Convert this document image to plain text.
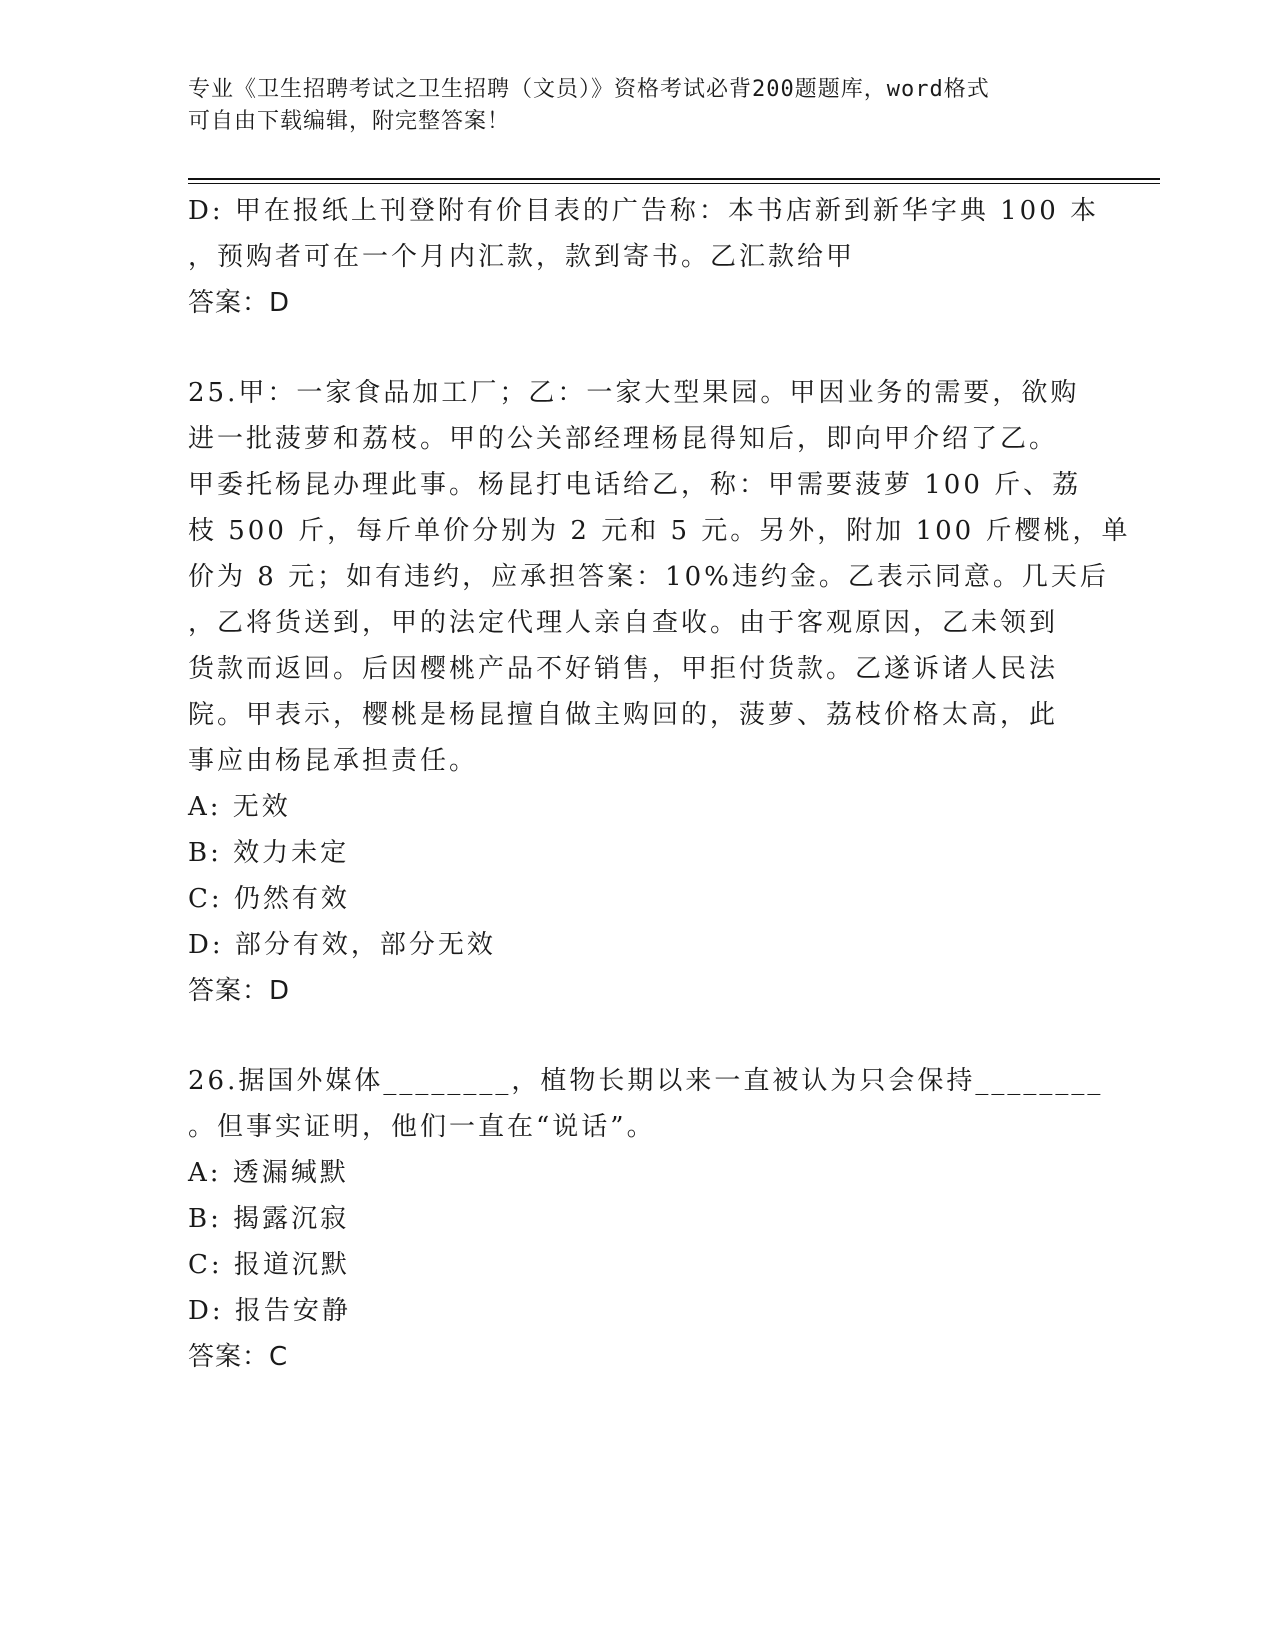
专业《卫生招聘考试之卫生招聘（文员）》资格考试必背200题题库，word格式
可自由下载编辑，附完整答案！
D: 甲在报纸上刊登附有价目表的广告称：本书店新到新华字典 100 本
，预购者可在一个月内汇款，款到寄书。乙汇款给甲
答案：D
25.甲：一家食品加工厂；乙：一家大型果园。甲因业务的需要，欲购
进一批菠萝和荔枝。甲的公关部经理杨昆得知后，即向甲介绍了乙。
甲委托杨昆办理此事。杨昆打电话给乙，称：甲需要菠萝 100 斤、荔
枝 500 斤，每斤单价分别为 2 元和 5 元。另外，附加 100 斤樱桃，单
价为 8 元；如有违约，应承担答案：10%违约金。乙表示同意。几天后
，乙将货送到，甲的法定代理人亲自查收。由于客观原因，乙未领到
货款而返回。后因樱桃产品不好销售，甲拒付货款。乙遂诉诸人民法
院。甲表示，樱桃是杨昆擅自做主购回的，菠萝、荔枝价格太高，此
事应由杨昆承担责任。
A: 无效
B: 效力未定
C: 仍然有效
D: 部分有效，部分无效
答案：D
26.据国外媒体________，植物长期以来一直被认为只会保持________
。但事实证明，他们一直在“说话”。
A: 透漏缄默
B: 揭露沉寂
C: 报道沉默
D: 报告安静
答案：C
